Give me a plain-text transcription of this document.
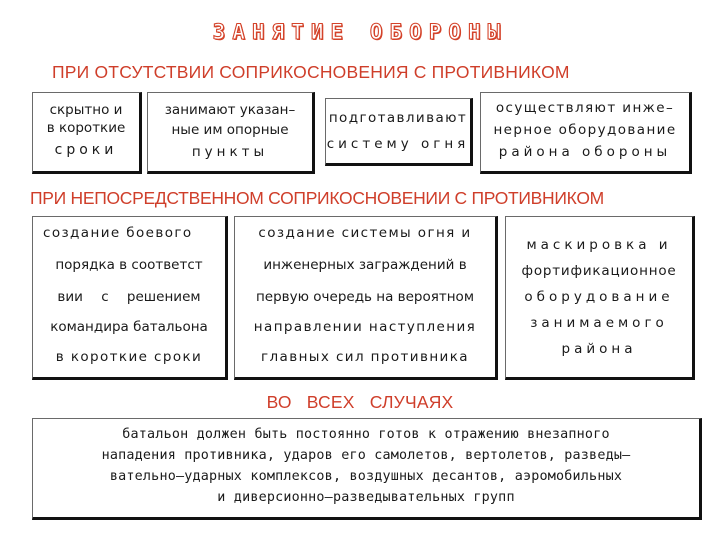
ЗАНЯТИЕ ОБОРОНЫ
ПРИ ОТСУТСТВИИ СОПРИКОСНОВЕНИЯ С ПРОТИВНИКОМ
скрытно и
в короткие
сроки
занимают указан–
ные им опорные
пункты
подготавливают
систему огня
осуществляют инже–
нерное оборудование
района обороны
ПРИ НЕПОСРЕДСТВЕННОМ СОПРИКОСНОВЕНИИ С ПРОТИВНИКОМ
создание боевого
порядка в соответст
вии с решением
командира батальона
в короткие сроки
создание системы огня и
инженерных заграждений в
первую очередь на вероятном
направлении наступления
главных сил противника
маскировка и
фортификационное
оборудование
занимаемого
района
ВО ВСЕХ СЛУЧАЯХ
батальон должен быть постоянно готов к отражению внезапного
нападения противника, ударов его самолетов, вертолетов, разведы–
вательно–ударных комплексов, воздушных десантов, аэромобильных
и диверсионно–разведывательных групп
